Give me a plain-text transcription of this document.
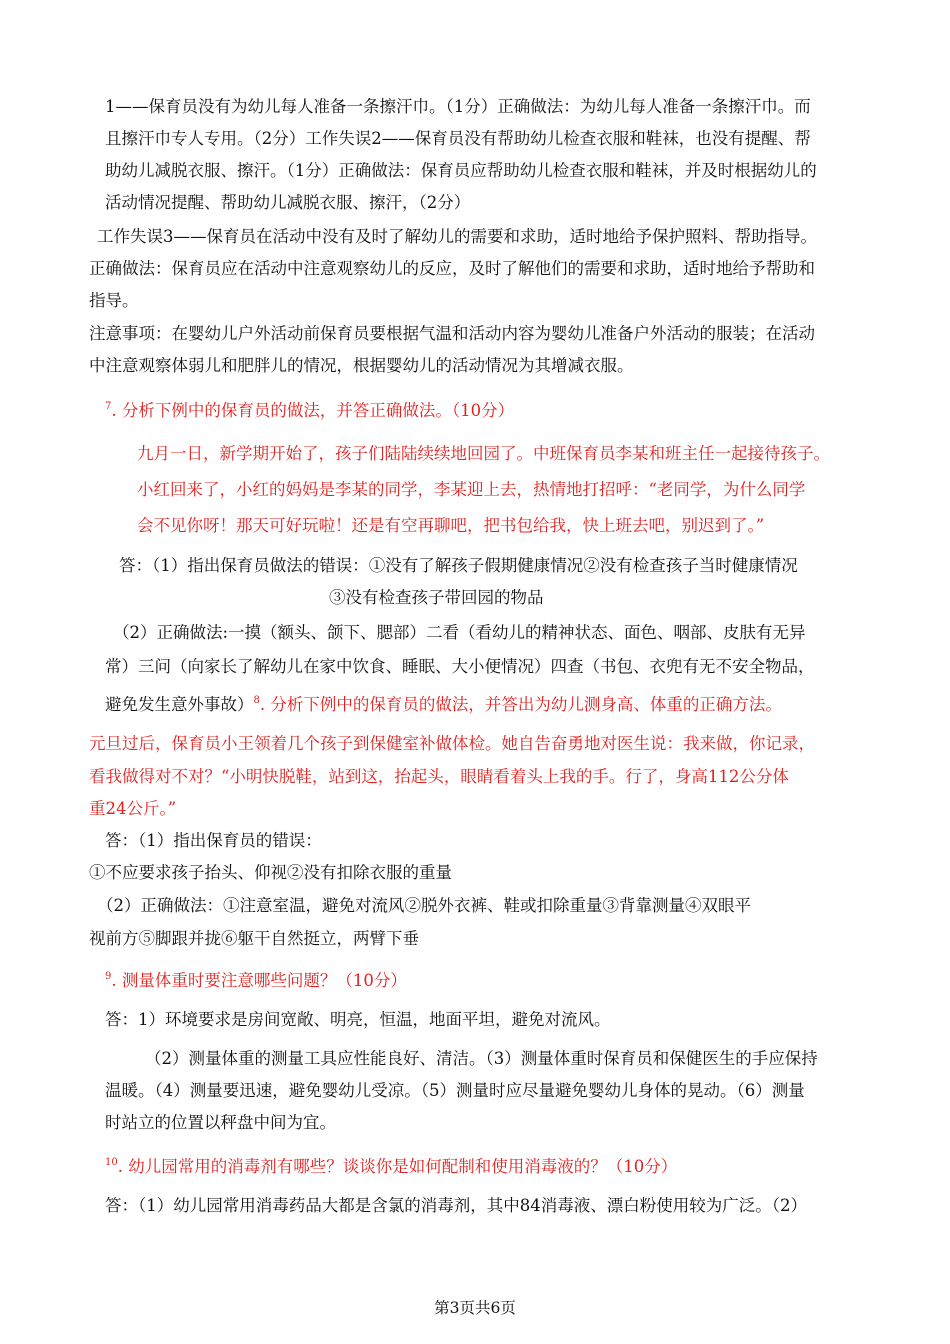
1——保育员没有为幼儿每人准备一条擦汗巾。（1分）正确做法：为幼儿每人准备一条擦汗巾。而
且擦汗巾专人专用。（2分）工作失误2——保育员没有帮助幼儿检查衣服和鞋袜，也没有提醒、帮
助幼儿减脱衣服、擦汗。（1分）正确做法：保育员应帮助幼儿检查衣服和鞋袜，并及时根据幼儿的
活动情况提醒、帮助幼儿减脱衣服、擦汗，（2分）
工作失误3——保育员在活动中没有及时了解幼儿的需要和求助，适时地给予保护照料、帮助指导。
正确做法：保育员应在活动中注意观察幼儿的反应，及时了解他们的需要和求助，适时地给予帮助和
指导。
注意事项：在婴幼儿户外活动前保育员要根据气温和活动内容为婴幼儿准备户外活动的服装；在活动
中注意观察体弱儿和肥胖儿的情况，根据婴幼儿的活动情况为其增减衣服。
$^7$. 分析下例中的保育员的做法，并答正确做法。（10分）
九月一日，新学期开始了，孩子们陆陆续续地回园了。中班保育员李某和班主任一起接待孩子。
小红回来了，小红的妈妈是李某的同学，李某迎上去，热情地打招呼：“老同学，为什么同学
会不见你呀！那天可好玩啦！还是有空再聊吧，把书包给我，快上班去吧，别迟到了。”
答：（1）指出保育员做法的错误：①没有了解孩子假期健康情况②没有检查孩子当时健康情况
③没有检查孩子带回园的物品
（2）正确做法:一摸（额头、颌下、腮部）二看（看幼儿的精神状态、面色、咽部、皮肤有无异
常）三问（向家长了解幼儿在家中饮食、睡眠、大小便情况）四查（书包、衣兜有无不安全物品，
避免发生意外事故）$^8$. 分析下例中的保育员的做法，并答出为幼儿测身高、体重的正确方法。
元旦过后，保育员小王领着几个孩子到保健室补做体检。她自告奋勇地对医生说：我来做，你记录，
看我做得对不对？“小明快脱鞋，站到这，抬起头，眼睛看着头上我的手。行了，身高112公分体
重24公斤。”
答：（1）指出保育员的错误：
①不应要求孩子抬头、仰视②没有扣除衣服的重量
（2）正确做法：①注意室温，避免对流风②脱外衣裤、鞋或扣除重量③背靠测量④双眼平
视前方⑤脚跟并拢⑥躯干自然挺立，两臂下垂
$^9$. 测量体重时要注意哪些问题？（10分）
答：1）环境要求是房间宽敞、明亮，恒温，地面平坦，避免对流风。
（2）测量体重的测量工具应性能良好、清洁。（3）测量体重时保育员和保健医生的手应保持
温暖。（4）测量要迅速，避免婴幼儿受凉。（5）测量时应尽量避免婴幼儿身体的晃动。（6）测量
时站立的位置以秤盘中间为宜。
$^{10}$. 幼儿园常用的消毒剂有哪些？谈谈你是如何配制和使用消毒液的？（10分）
答：（1）幼儿园常用消毒药品大都是含氯的消毒剂，其中84消毒液、漂白粉使用较为广泛。（2）
第3页共6页
